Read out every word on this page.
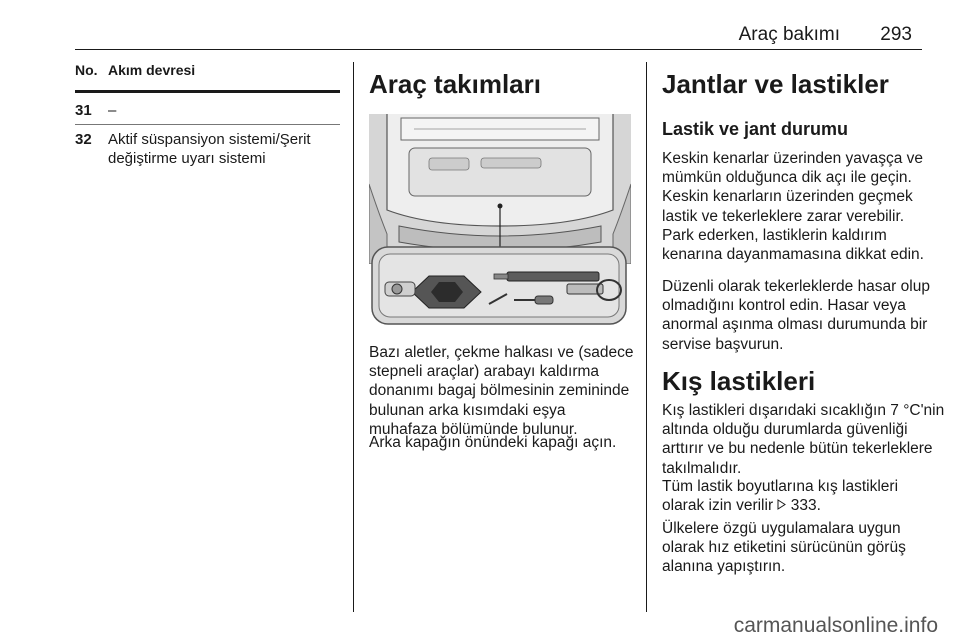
Araç bakımı 293
No. Akım devresi
31 –
32 Aktif süspansiyon sistemi/Şerit değiştirme uyarı sistemi
Araç takımları

Bazı aletler, çekme halkası ve (sadece stepneli araçlar) arabayı kaldırma donanımı bagaj bölmesinin zemininde bulunan arka kısımdaki eşya muhafaza bölümünde bulunur.

Arka kapağın önündeki kapağı açın.

Jantlar ve lastikler
Lastik ve jant durumu

Keskin kenarlar üzerinden yavaşça ve mümkün olduğunca dik açı ile geçin. Keskin kenarların üzerinden geçmek lastik ve tekerleklere zarar verebilir. Park ederken, lastiklerin kaldırım kenarına dayanmamasına dikkat edin.

Düzenli olarak tekerleklerde hasar olup olmadığını kontrol edin. Hasar veya anormal aşınma olması durumunda bir servise başvurun.

Kış lastikleri

Kış lastikleri dışarıdaki sıcaklığın 7 °C'nin altında olduğu durumlarda güvenliği arttırır ve bu nedenle bütün tekerleklere takılmalıdır.

Tüm lastik boyutlarına kış lastikleri olarak izin verilir 333.

Ülkelere özgü uygulamalara uygun olarak hız etiketini sürücünün görüş alanına yapıştırın.

carmanualsonline.info
